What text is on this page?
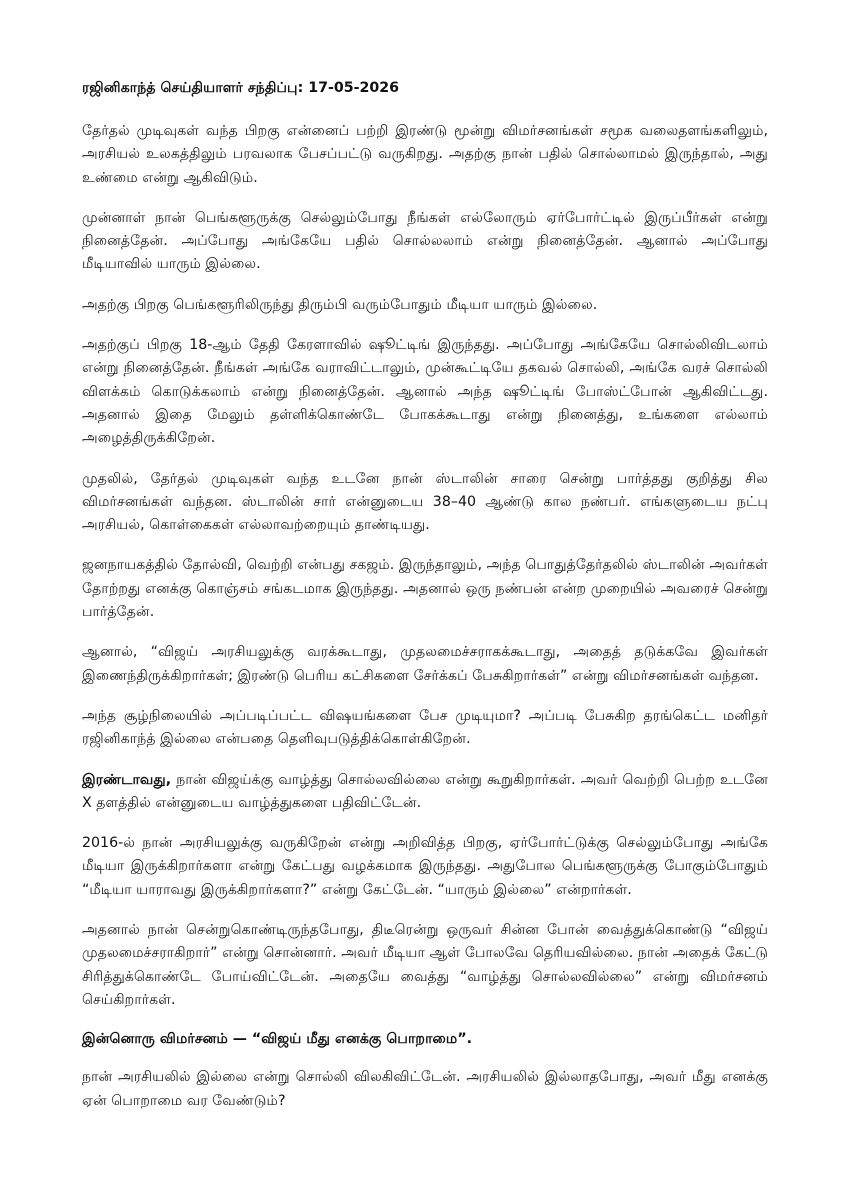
ரஜினிகாந்த் செய்தியாளர் சந்திப்பு: 17-05-2026

தேர்தல் முடிவுகள் வந்த பிறகு என்னைப் பற்றி இரண்டு மூன்று விமர்சனங்கள் சமூக வலைதளங்களிலும், அரசியல் உலகத்திலும் பரவலாக பேசப்பட்டு வருகிறது. அதற்கு நான் பதில் சொல்லாமல் இருந்தால், அது உண்மை என்று ஆகிவிடும்.

முன்னாள் நான் பெங்களூருக்கு செல்லும்போது நீங்கள் எல்லோரும் ஏர்போர்ட்டில் இருப்பீர்கள் என்று நினைத்தேன். அப்போது அங்கேயே பதில் சொல்லலாம் என்று நினைத்தேன். ஆனால் அப்போது மீடியாவில் யாரும் இல்லை.

அதற்கு பிறகு பெங்களூரிலிருந்து திரும்பி வரும்போதும் மீடியா யாரும் இல்லை.

அதற்குப் பிறகு 18-ஆம் தேதி கேரளாவில் ஷூட்டிங் இருந்தது. அப்போது அங்கேயே சொல்லிவிடலாம் என்று நினைத்தேன். நீங்கள் அங்கே வராவிட்டாலும், முன்கூட்டியே தகவல் சொல்லி, அங்கே வரச் சொல்லி விளக்கம் கொடுக்கலாம் என்று நினைத்தேன். ஆனால் அந்த ஷூட்டிங் போஸ்ட்போன் ஆகிவிட்டது. அதனால் இதை மேலும் தள்ளிக்கொண்டே போகக்கூடாது என்று நினைத்து, உங்களை எல்லாம் அழைத்திருக்கிறேன்.

முதலில், தேர்தல் முடிவுகள் வந்த உடனே நான் ஸ்டாலின் சாரை சென்று பார்த்தது குறித்து சில விமர்சனங்கள் வந்தன. ஸ்டாலின் சார் என்னுடைய 38–40 ஆண்டு கால நண்பர். எங்களுடைய நட்பு அரசியல், கொள்கைகள் எல்லாவற்றையும் தாண்டியது.

ஜனநாயகத்தில் தோல்வி, வெற்றி என்பது சகஜம். இருந்தாலும், அந்த பொதுத்தேர்தலில் ஸ்டாலின் அவர்கள் தோற்றது எனக்கு கொஞ்சம் சங்கடமாக இருந்தது. அதனால் ஒரு நண்பன் என்ற முறையில் அவரைச் சென்று பார்த்தேன்.

ஆனால், “விஜய் அரசியலுக்கு வரக்கூடாது, முதலமைச்சராகக்கூடாது, அதைத் தடுக்கவே இவர்கள் இணைந்திருக்கிறார்கள்; இரண்டு பெரிய கட்சிகளை சேர்க்கப் பேசுகிறார்கள்” என்று விமர்சனங்கள் வந்தன.

அந்த சூழ்நிலையில் அப்படிப்பட்ட விஷயங்களை பேச முடியுமா? அப்படி பேசுகிற தரங்கெட்ட மனிதர் ரஜினிகாந்த் இல்லை என்பதை தெளிவுபடுத்திக்கொள்கிறேன்.

இரண்டாவது, நான் விஜய்க்கு வாழ்த்து சொல்லவில்லை என்று கூறுகிறார்கள். அவர் வெற்றி பெற்ற உடனே X தளத்தில் என்னுடைய வாழ்த்துகளை பதிவிட்டேன்.

2016-ல் நான் அரசியலுக்கு வருகிறேன் என்று அறிவித்த பிறகு, ஏர்போர்ட்டுக்கு செல்லும்போது அங்கே மீடியா இருக்கிறார்களா என்று கேட்பது வழக்கமாக இருந்தது. அதுபோல பெங்களூருக்கு போகும்போதும் “மீடியா யாராவது இருக்கிறார்களா?” என்று கேட்டேன். “யாரும் இல்லை” என்றார்கள்.

அதனால் நான் சென்றுகொண்டிருந்தபோது, திடீரென்று ஒருவர் சின்ன போன் வைத்துக்கொண்டு “விஜய் முதலமைச்சராகிறார்” என்று சொன்னார். அவர் மீடியா ஆள் போலவே தெரியவில்லை. நான் அதைக் கேட்டு சிரித்துக்கொண்டே போய்விட்டேன். அதையே வைத்து “வாழ்த்து சொல்லவில்லை” என்று விமர்சனம் செய்கிறார்கள்.

இன்னொரு விமர்சனம் — “விஜய் மீது எனக்கு பொறாமை”.

நான் அரசியலில் இல்லை என்று சொல்லி விலகிவிட்டேன். அரசியலில் இல்லாதபோது, அவர் மீது எனக்கு ஏன் பொறாமை வர வேண்டும்?
